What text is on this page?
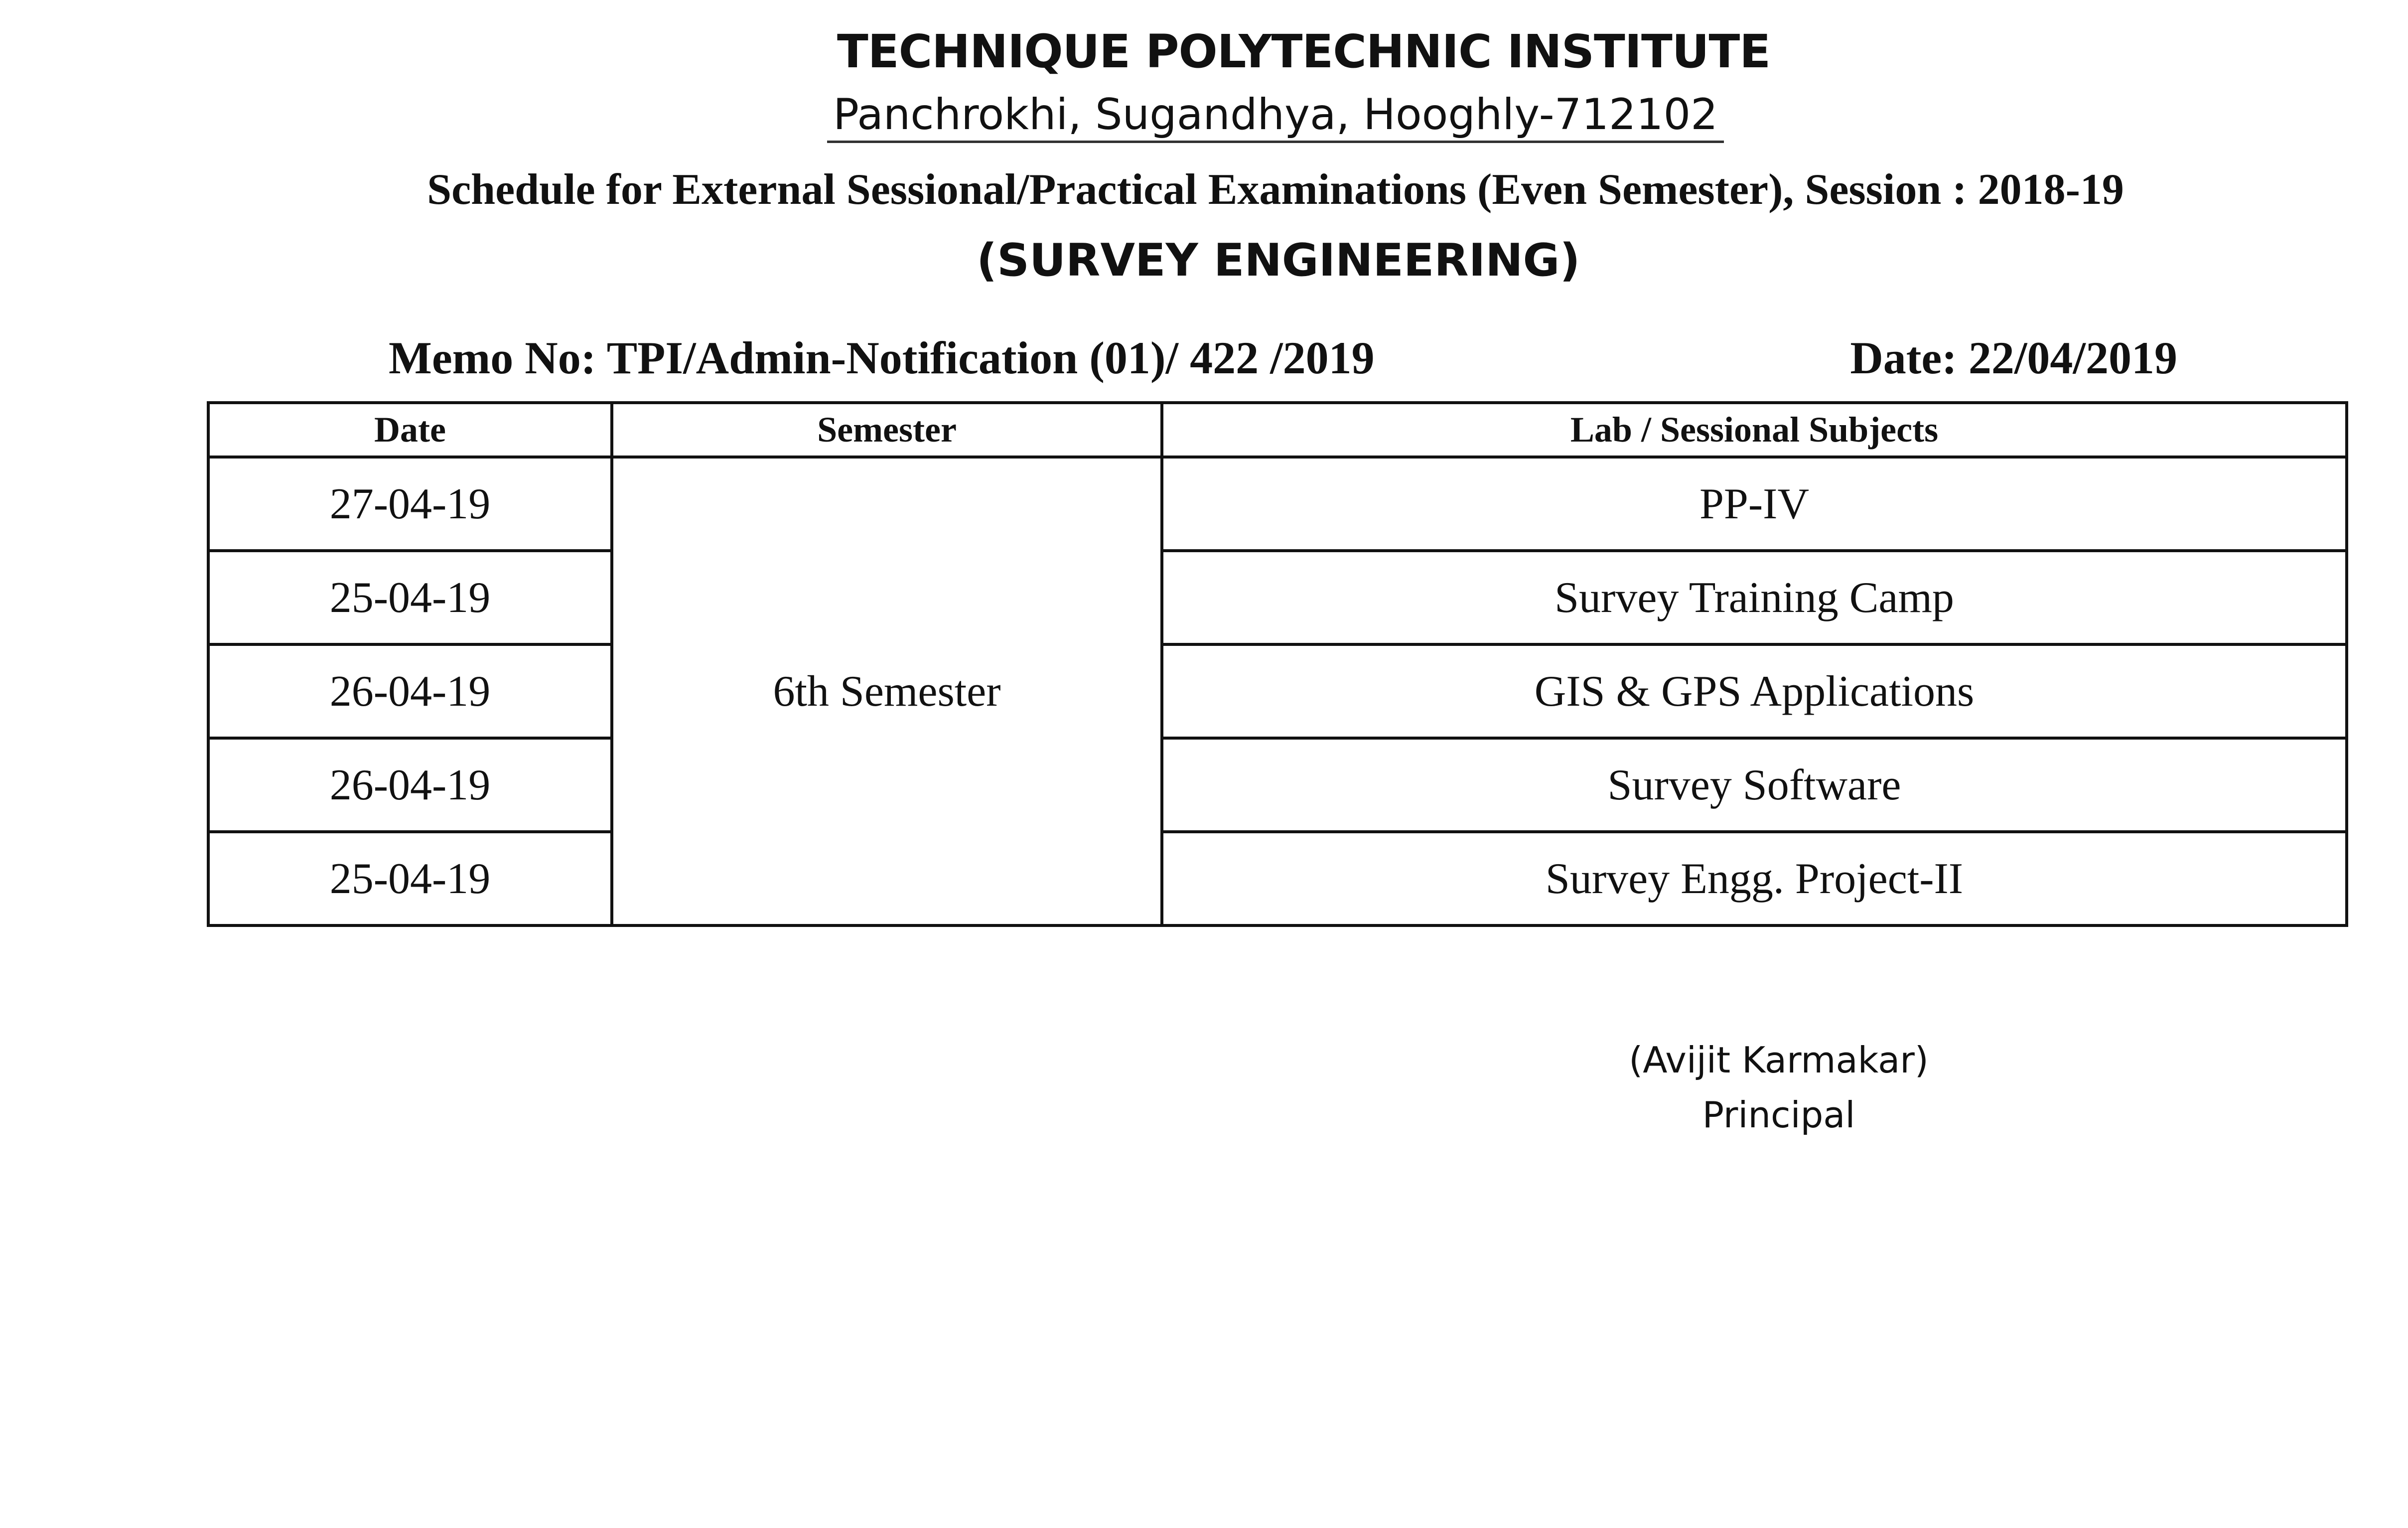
TECHNIQUE POLYTECHNIC INSTITUTE
Panchrokhi, Sugandhya, Hooghly-712102
Schedule for External Sessional/Practical Examinations (Even Semester), Session : 2018-19
(SURVEY ENGINEERING)
Memo No: TPI/Admin-Notification (01)/ 422 /2019	Date: 22/04/2019
Date	Semester	Lab / Sessional Subjects
27-04-19	6th Semester	PP-IV
25-04-19		Survey Training Camp
26-04-19		GIS & GPS Applications
26-04-19		Survey Software
25-04-19		Survey Engg. Project-II
(Avijit Karmakar)
Principal
